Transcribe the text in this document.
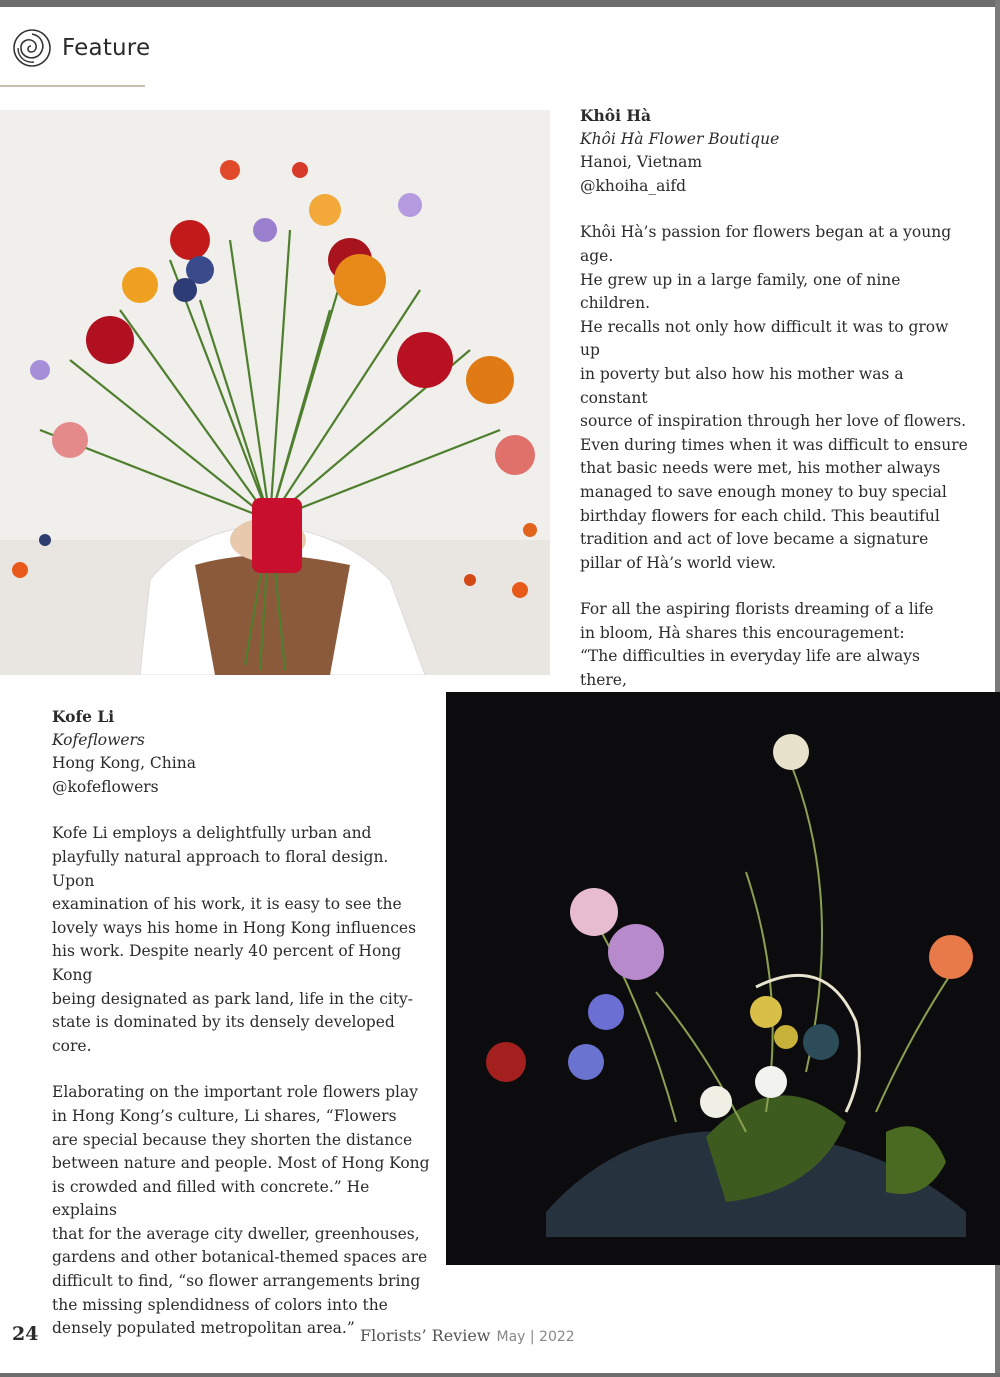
Feature

Khôi Hà

Khôi Hà Flower Boutique

Hanoi, Vietnam

@khoiha_aifd

Khôi Hà’s passion for flowers began at a young age.
He grew up in a large family, one of nine children.
He recalls not only how difficult it was to grow up
in poverty but also how his mother was a constant
source of inspiration through her love of flowers.
Even during times when it was difficult to ensure
that basic needs were met, his mother always
managed to save enough money to buy special
birthday flowers for each child. This beautiful
tradition and act of love became a signature
pillar of Hà’s world view.

For all the aspiring florists dreaming of a life
in bloom, Hà shares this encouragement:
“The difficulties in everyday life are always there,

Kofe Li

Kofeflowers

Hong Kong, China

@kofeflowers

Kofe Li employs a delightfully urban and
playfully natural approach to floral design. Upon
examination of his work, it is easy to see the
lovely ways his home in Hong Kong influences
his work. Despite nearly 40 percent of Hong Kong
being designated as park land, life in the city-
state is dominated by its densely developed core.

Elaborating on the important role flowers play
in Hong Kong’s culture, Li shares, “Flowers
are special because they shorten the distance
between nature and people. Most of Hong Kong
is crowded and filled with concrete.” He explains
that for the average city dweller, greenhouses,
gardens and other botanical-themed spaces are
difficult to find, “so flower arrangements bring
the missing splendidness of colors into the
densely populated metropolitan area.”

24	Florists’ Review May | 2022
